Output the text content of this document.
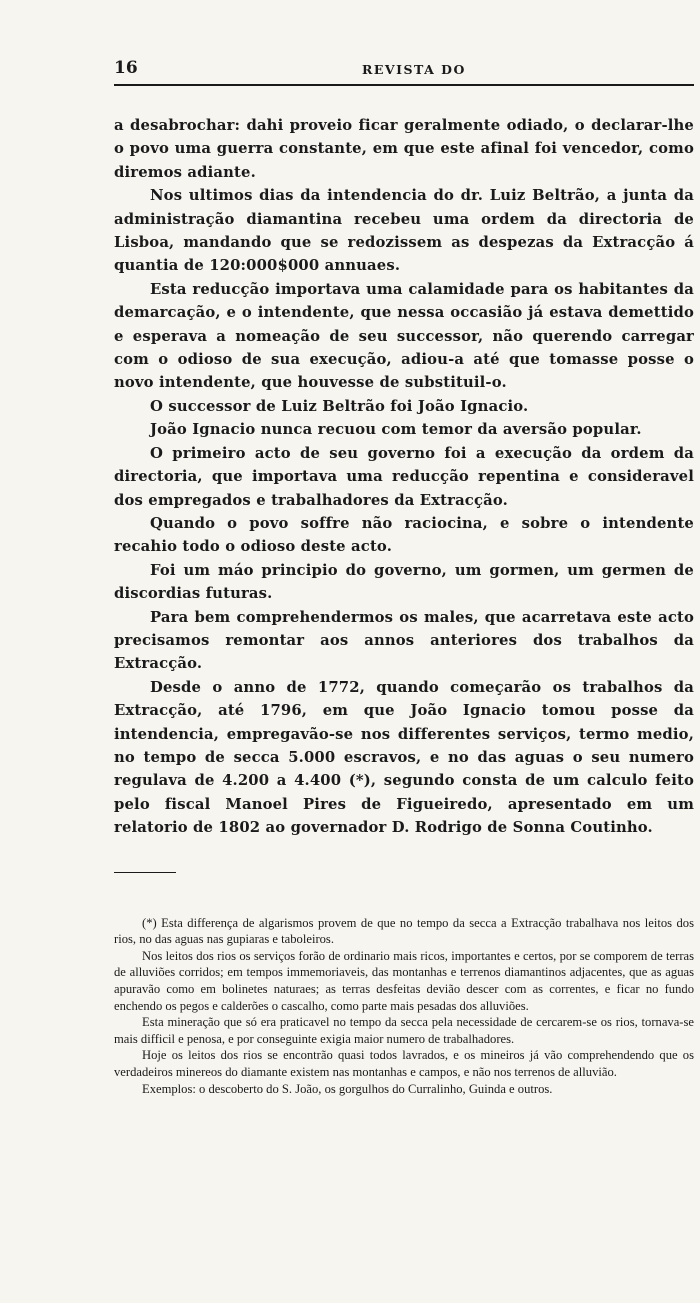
16	REVISTA DO

a desabrochar: dahi proveio ficar geralmente odiado, o declarar-lhe o povo uma guerra constante, em que este afinal foi vencedor, como diremos adiante.

Nos ultimos dias da intendencia do dr. Luiz Beltrão, a junta da administração diamantina recebeu uma ordem da directoria de Lisboa, mandando que se redozissem as despezas da Extracção á quantia de 120:000$000 annuaes.

Esta reducção importava uma calamidade para os habitantes da demarcação, e o intendente, que nessa occasião já estava demettido e esperava a nomeação de seu successor, não querendo carregar com o odioso de sua execução, adiou-a até que tomasse posse o novo intendente, que houvesse de substituil-o.

O successor de Luiz Beltrão foi João Ignacio.

João Ignacio nunca recuou com temor da aversão popular.

O primeiro acto de seu governo foi a execução da ordem da directoria, que importava uma reducção repentina e consideravel dos empregados e trabalhadores da Extracção.

Quando o povo soffre não raciocina, e sobre o intendente recahio todo o odioso deste acto.

Foi um máo principio do governo, um gormen, um germen de discordias futuras.

Para bem comprehendermos os males, que acarretava este acto precisamos remontar aos annos anteriores dos trabalhos da Extracção.

Desde o anno de 1772, quando começarão os trabalhos da Extracção, até 1796, em que João Ignacio tomou posse da intendencia, empregavão-se nos differentes serviços, termo medio, no tempo de secca 5.000 escravos, e no das aguas o seu numero regulava de 4.200 a 4.400 (*), segundo consta de um calculo feito pelo fiscal Manoel Pires de Figueiredo, apresentado em um relatorio de 1802 ao governador D. Rodrigo de Sonna Coutinho.

(*) Esta differença de algarismos provem de que no tempo da secca a Extracção trabalhava nos leitos dos rios, no das aguas nas gupiaras e taboleiros.

Nos leitos dos rios os serviços forão de ordinario mais ricos, importantes e certos, por se comporem de terras de alluviões corridos; em tempos immemoriaveis, das montanhas e terrenos diamantinos adjacentes, que as aguas apuravão como em bolinetes naturaes; as terras desfeitas devião descer com as correntes, e ficar no fundo enchendo os pegos e calderões o cascalho, como parte mais pesadas dos alluviões.

Esta mineração que só era praticavel no tempo da secca pela necessidade de cercarem-se os rios, tornava-se mais difficil e penosa, e por conseguinte exigia maior numero de trabalhadores.

Hoje os leitos dos rios se encontrão quasi todos lavrados, e os mineiros já vão comprehendendo que os verdadeiros minereos do diamante existem nas montanhas e campos, e não nos terrenos de alluvião.

Exemplos: o descoberto do S. João, os gorgulhos do Curralinho, Guinda e outros.
